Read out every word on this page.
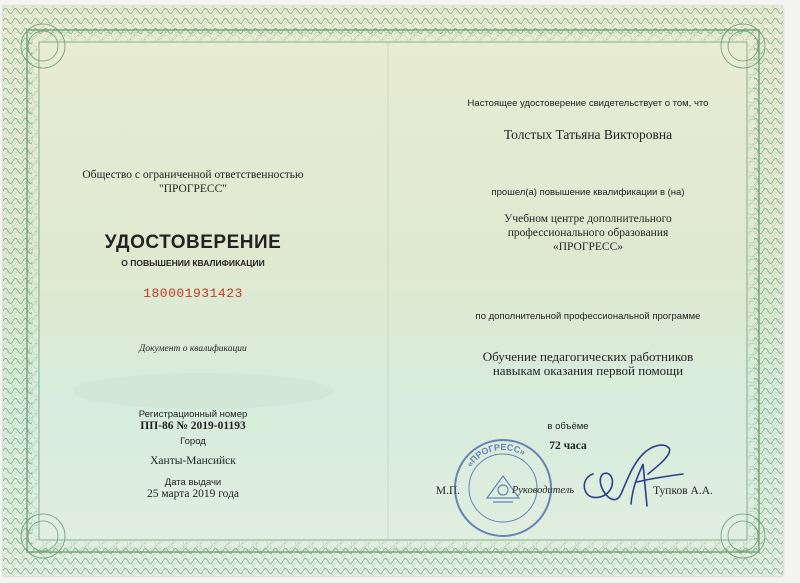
Общество с ограниченной ответственностью
"ПРОГРЕСС"
УДОСТОВЕРЕНИЕ
О ПОВЫШЕНИИ КВАЛИФИКАЦИИ
180001931423
Документ о квалификации
Регистрационный номер
ПП-86 № 2019-01193
Город
Ханты-Мансийск
Дата выдачи
25 марта 2019 года
Настоящее удостоверение свидетельствует о том, что
Толстых Татьяна Викторовна
прошел(а) повышение квалификации в (на)
Учебном центре дополнительного
профессионального образования
«ПРОГРЕСС»
по дополнительной профессиональной программе
Обучение педагогических работников
навыкам оказания первой помощи
в объёме
72 часа
М.П.	Руководитель	Тупков А.А.
«ПРОГРЕСС»
